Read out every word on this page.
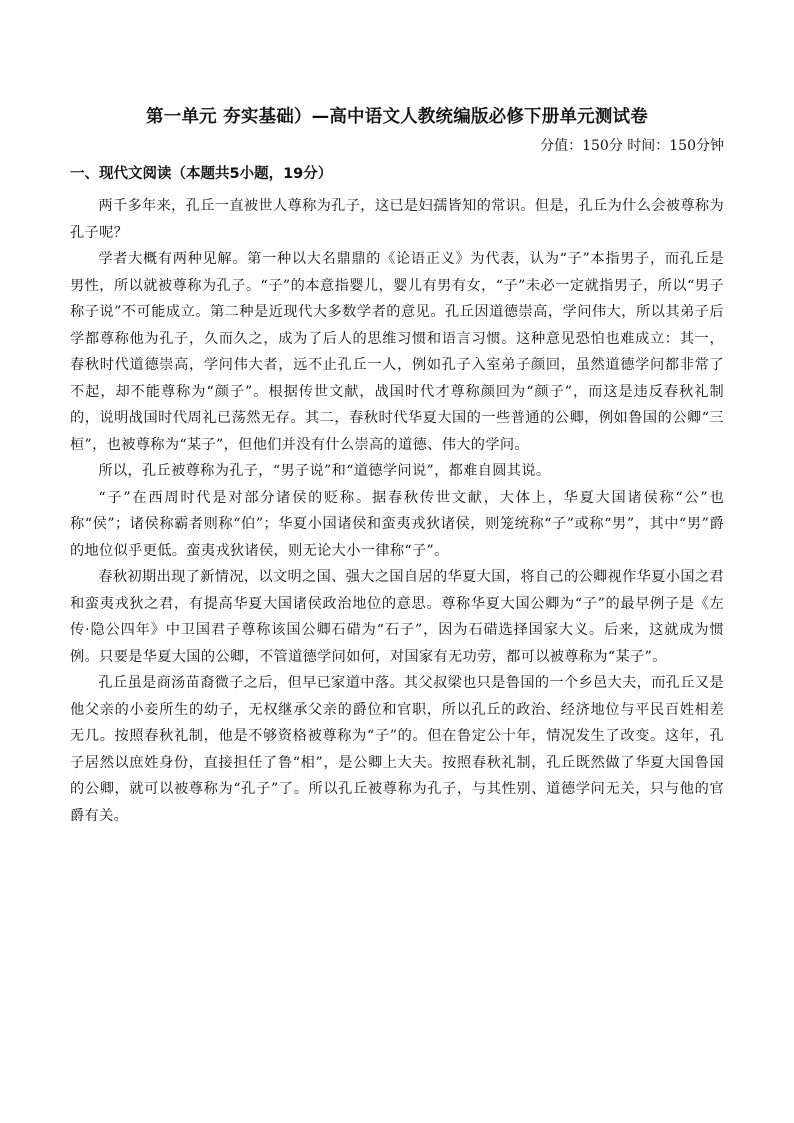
第一单元 夯实基础）—高中语文人教统编版必修下册单元测试卷
分值：150分 时间：150分钟
一、现代文阅读（本题共5小题，19分）

两千多年来，孔丘一直被世人尊称为孔子，这已是妇孺皆知的常识。但是，孔丘为什么会被尊称为孔子呢？

学者大概有两种见解。第一种以大名鼎鼎的《论语正义》为代表，认为“子”本指男子，而孔丘是男性，所以就被尊称为孔子。“子”的本意指婴儿，婴儿有男有女，“子”未必一定就指男子，所以“男子称子说”不可能成立。第二种是近现代大多数学者的意见。孔丘因道德崇高，学问伟大，所以其弟子后学都尊称他为孔子，久而久之，成为了后人的思维习惯和语言习惯。这种意见恐怕也难成立：其一，春秋时代道德崇高，学问伟大者，远不止孔丘一人，例如孔子入室弟子颜回，虽然道德学问都非常了不起，却不能尊称为“颜子”。根据传世文献，战国时代才尊称颜回为“颜子”，而这是违反春秋礼制的，说明战国时代周礼已荡然无存。其二，春秋时代华夏大国的一些普通的公卿，例如鲁国的公卿“三桓”，也被尊称为“某子”，但他们并没有什么崇高的道德、伟大的学问。

所以，孔丘被尊称为孔子，“男子说”和“道德学问说”，都难自圆其说。

“子”在西周时代是对部分诸侯的贬称。据春秋传世文献，大体上，华夏大国诸侯称“公”也称“侯”；诸侯称霸者则称“伯”；华夏小国诸侯和蛮夷戎狄诸侯，则笼统称“子”或称“男”，其中“男”爵的地位似乎更低。蛮夷戎狄诸侯，则无论大小一律称“子”。

春秋初期出现了新情况，以文明之国、强大之国自居的华夏大国，将自己的公卿视作华夏小国之君和蛮夷戎狄之君，有提高华夏大国诸侯政治地位的意思。尊称华夏大国公卿为“子”的最早例子是《左传·隐公四年》中卫国君子尊称该国公卿石碏为“石子”，因为石碏选择国家大义。后来，这就成为惯例。只要是华夏大国的公卿，不管道德学问如何，对国家有无功劳，都可以被尊称为“某子”。

孔丘虽是商汤苗裔微子之后，但早已家道中落。其父叔梁也只是鲁国的一个乡邑大夫，而孔丘又是他父亲的小妾所生的幼子，无权继承父亲的爵位和官职，所以孔丘的政治、经济地位与平民百姓相差无几。按照春秋礼制，他是不够资格被尊称为“子”的。但在鲁定公十年，情况发生了改变。这年，孔子居然以庶姓身份，直接担任了鲁“相”，是公卿上大夫。按照春秋礼制，孔丘既然做了华夏大国鲁国的公卿，就可以被尊称为“孔子”了。所以孔丘被尊称为孔子，与其性别、道德学问无关，只与他的官爵有关。
